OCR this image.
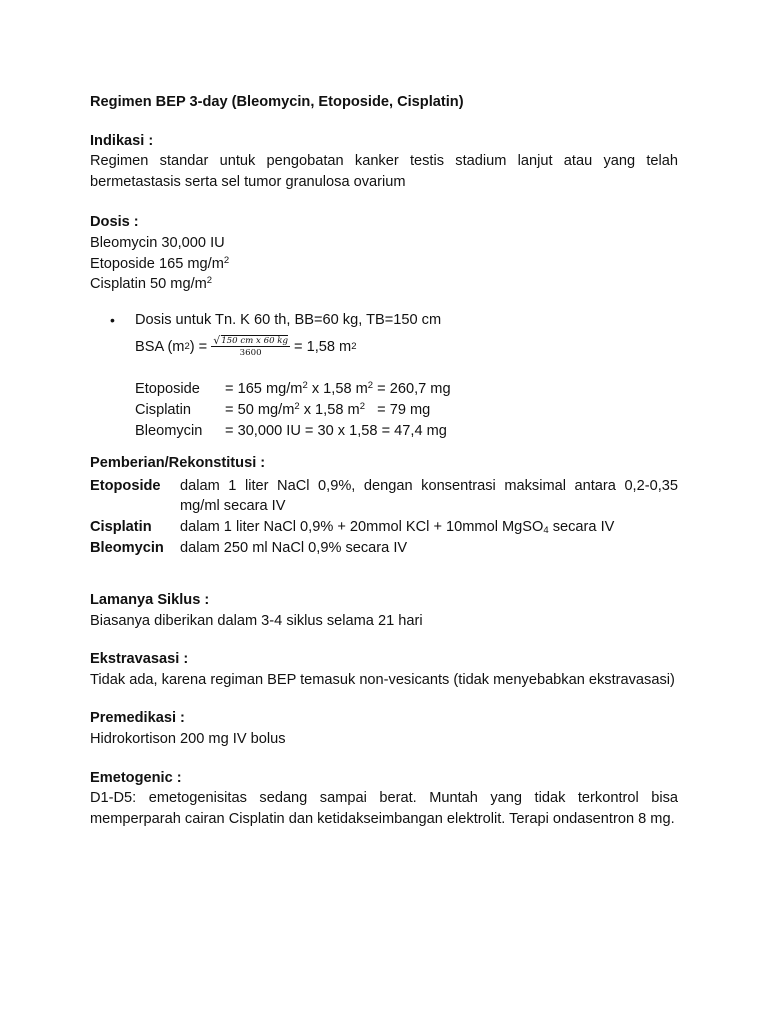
Regimen BEP 3-day (Bleomycin, Etoposide, Cisplatin)

Indikasi :

Regimen standar untuk pengobatan kanker testis stadium lanjut atau yang telah bermetastasis serta sel tumor granulosa ovarium

Dosis :

Bleomycin 30,000 IU

Etoposide 165 $mg/m^2$

Cisplatin 50 $mg/m^2$

• Dosis untuk Tn. K 60 th, BB=60 kg, TB=150 cm

BSA (m 2 ) = $\frac{\text{√ 150 cm x 60 kg}}{3600} = 1,58$ m 2
Etoposide	= 165 $mg/m^2$ x 1,58 $m^2 = 260,7$ mg
Cisplatin	= 50 $mg/m^2$ x 1,58 $m^2 = 79$ mg
Bleomycin	= 30,000 IU = 30 x 1,58 = 47,4 mg

Pemberian/Rekonstitusi :

Etoposide	dalam 1 liter NaCl 0,9%, dengan konsentrasi maksimal antara 0,2-0,35 mg/ml secara IV
Cisplatin	dalam 1 liter NaCl 0,9% + 20mmol KCl + 10mmol MgSO$_4$ secara IV
Bleomycin	dalam 250 ml NaCl 0,9% secara IV

Lamanya Siklus :

Biasanya diberikan dalam 3-4 siklus selama 21 hari

Ekstravasasi :

Tidak ada, karena regiman BEP temasuk non-vesicants (tidak menyebabkan ekstravasasi)

Premedikasi :

Hidrokortison 200 mg IV bolus

Emetogenic :

D1-D5: emetogenisitas sedang sampai berat. Muntah yang tidak terkontrol bisa memperparah cairan Cisplatin dan ketidakseimbangan elektrolit. Terapi ondasentron 8 mg.
